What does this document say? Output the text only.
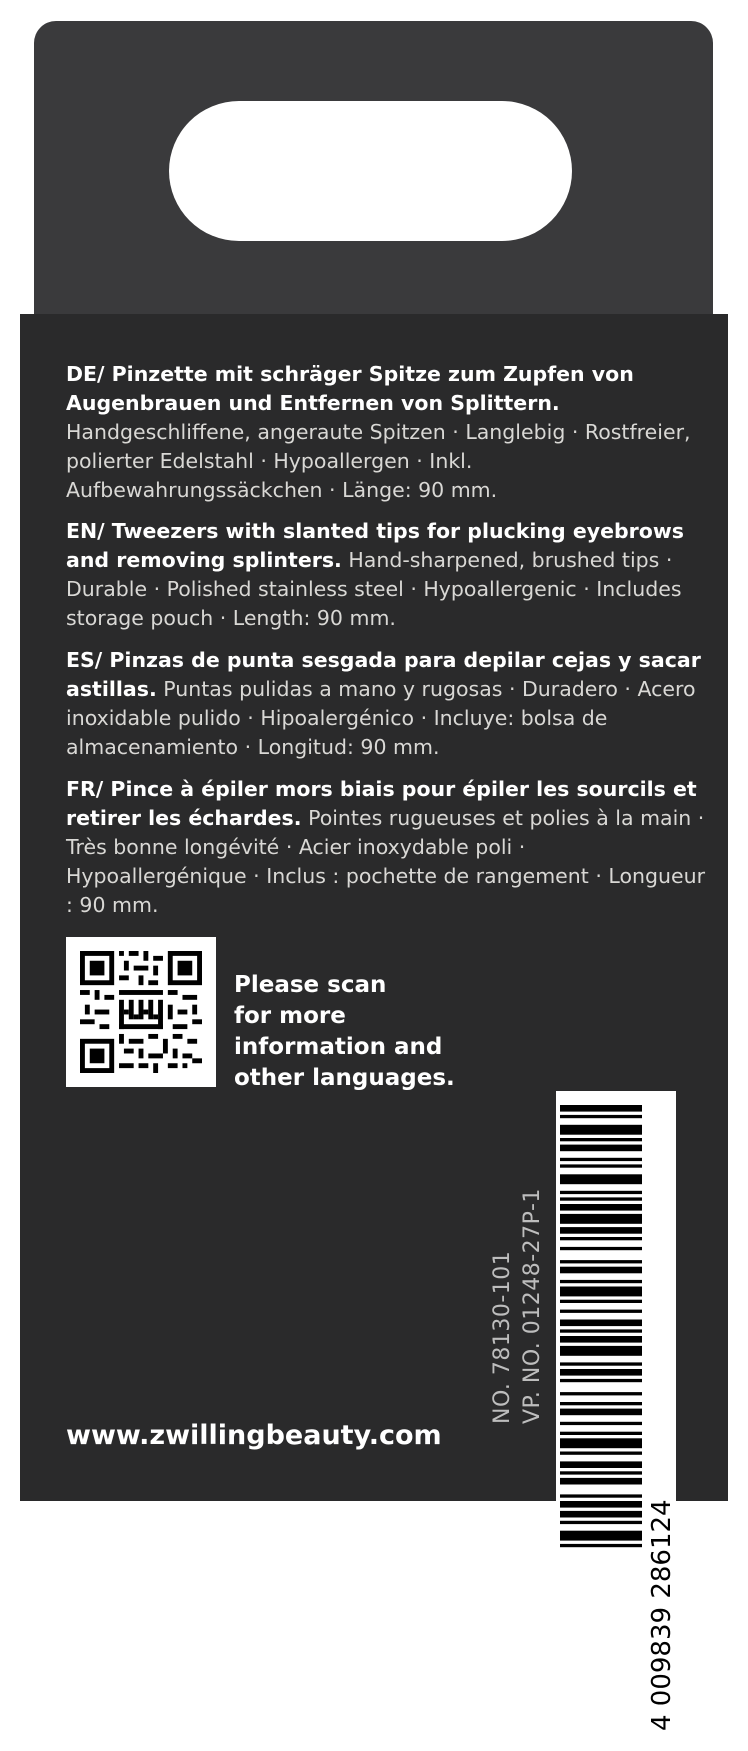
DE/ Pinzette mit schräger Spitze zum Zupfen von Augenbrauen und Entfernen von Splittern.
Handgeschliffene, angeraute Spitzen · Langlebig · Rostfreier, polierter Edelstahl · Hypoallergen · Inkl. Aufbewahrungssäckchen · Länge: 90 mm.
EN/ Tweezers with slanted tips for plucking eyebrows and removing splinters. Hand-sharpened, brushed tips · Durable · Polished stainless steel · Hypoallergenic · Includes storage pouch · Length: 90 mm.
ES/ Pinzas de punta sesgada para depilar cejas y sacar astillas. Puntas pulidas a mano y rugosas · Duradero · Acero inoxidable pulido · Hipoalergénico · Incluye: bolsa de almacenamiento · Longitud: 90 mm.
FR/ Pince à épiler mors biais pour épiler les sourcils et retirer les échardes. Pointes rugueuses et polies à la main · Très bonne longévité · Acier inoxydable poli · Hypoallergénique · Inclus : pochette de rangement · Longueur : 90 mm.
Please scan
for more
information and
other languages.
NO. 78130-101 VP. NO. 01248-27P-1
4 009839 286124
www.zwillingbeauty.com
